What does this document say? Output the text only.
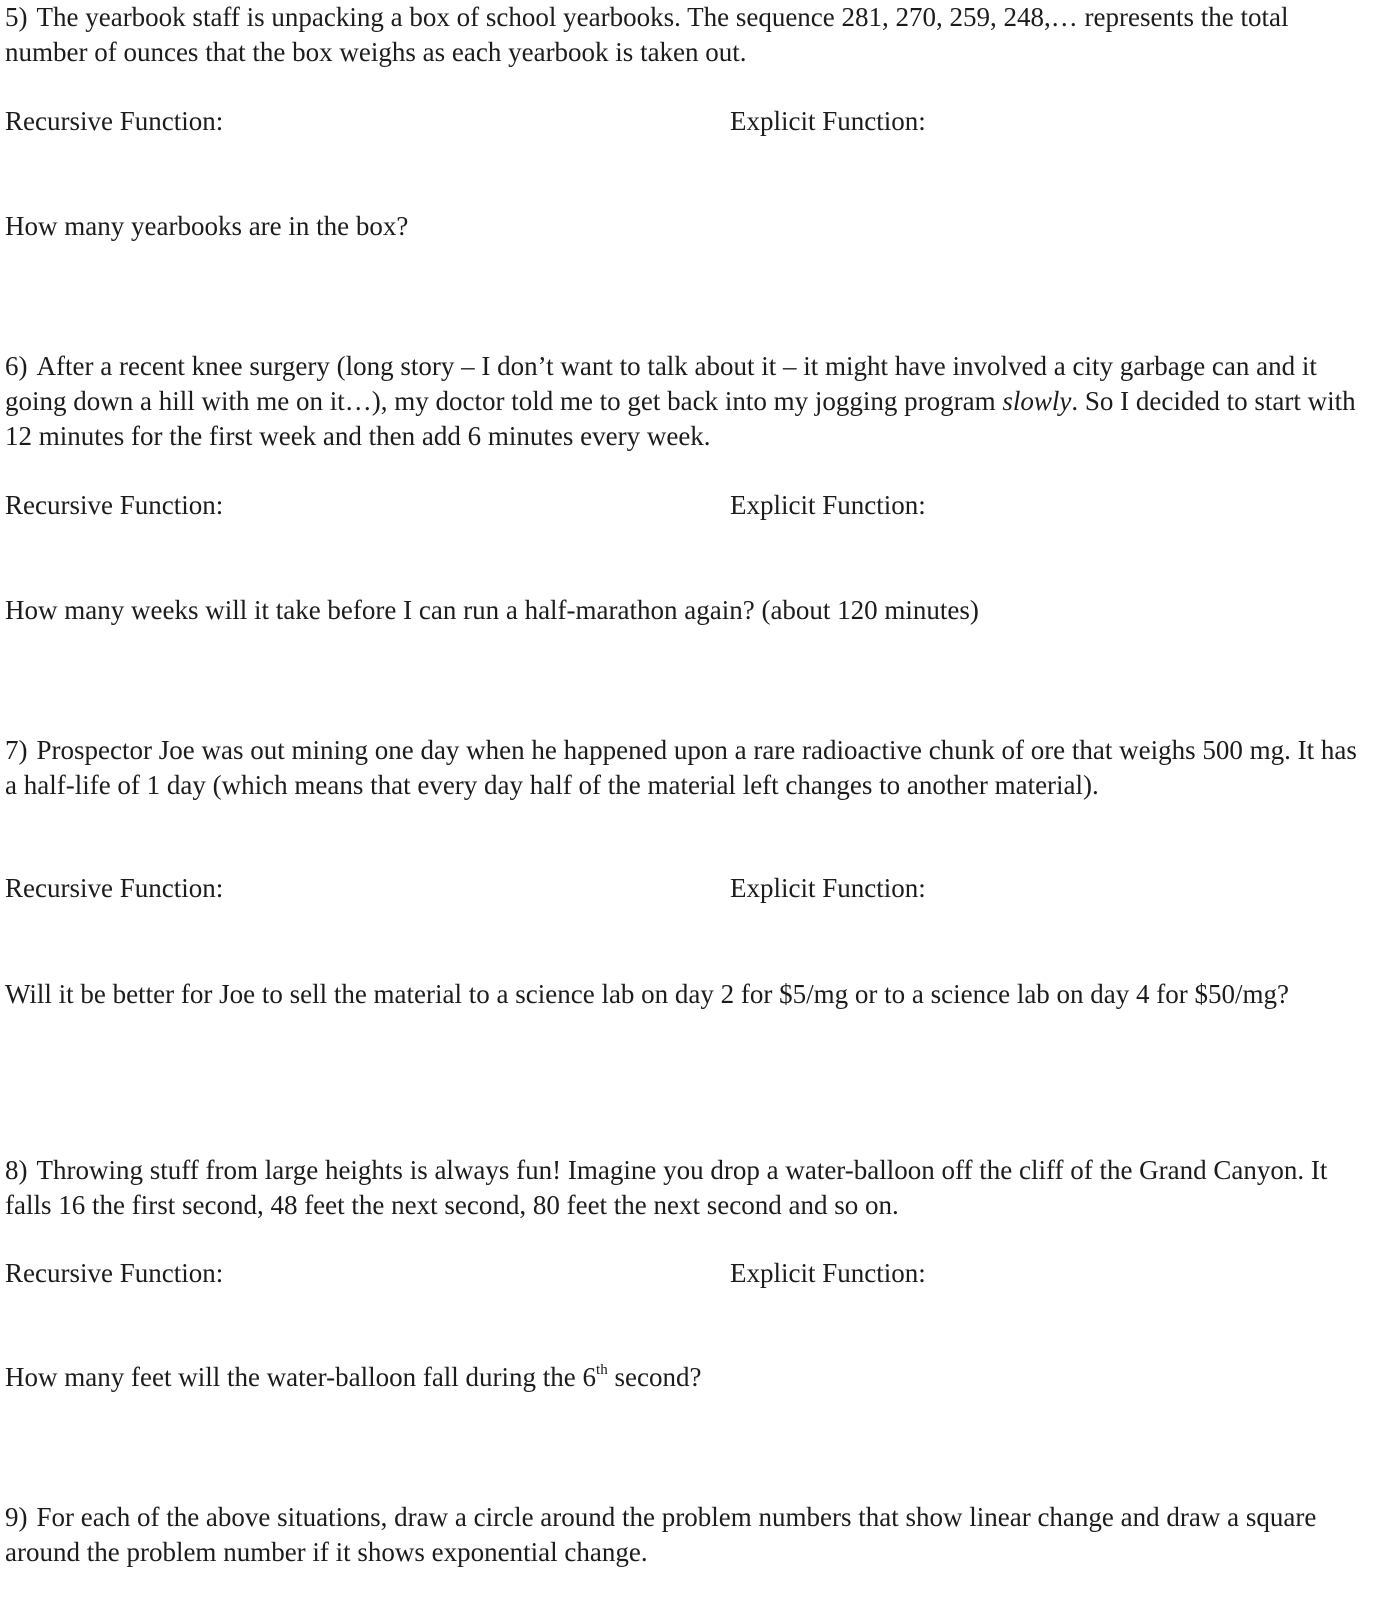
5) The yearbook staff is unpacking a box of school yearbooks. The sequence 281, 270, 259, 248,… represents the total number of ounces that the box weighs as each yearbook is taken out.

Recursive Function:	Explicit Function:

How many yearbooks are in the box?

6) After a recent knee surgery (long story – I don’t want to talk about it – it might have involved a city garbage can and it going down a hill with me on it…), my doctor told me to get back into my jogging program slowly. So I decided to start with 12 minutes for the first week and then add 6 minutes every week.

Recursive Function:	Explicit Function:

How many weeks will it take before I can run a half-marathon again? (about 120 minutes)

7) Prospector Joe was out mining one day when he happened upon a rare radioactive chunk of ore that weighs 500 mg. It has a half-life of 1 day (which means that every day half of the material left changes to another material).

Recursive Function:	Explicit Function:

Will it be better for Joe to sell the material to a science lab on day 2 for $5/mg or to a science lab on day 4 for $50/mg?

8) Throwing stuff from large heights is always fun! Imagine you drop a water-balloon off the cliff of the Grand Canyon. It falls 16 the first second, 48 feet the next second, 80 feet the next second and so on.

Recursive Function:	Explicit Function:

How many feet will the water-balloon fall during the 6th second?

9) For each of the above situations, draw a circle around the problem numbers that show linear change and draw a square around the problem number if it shows exponential change.
